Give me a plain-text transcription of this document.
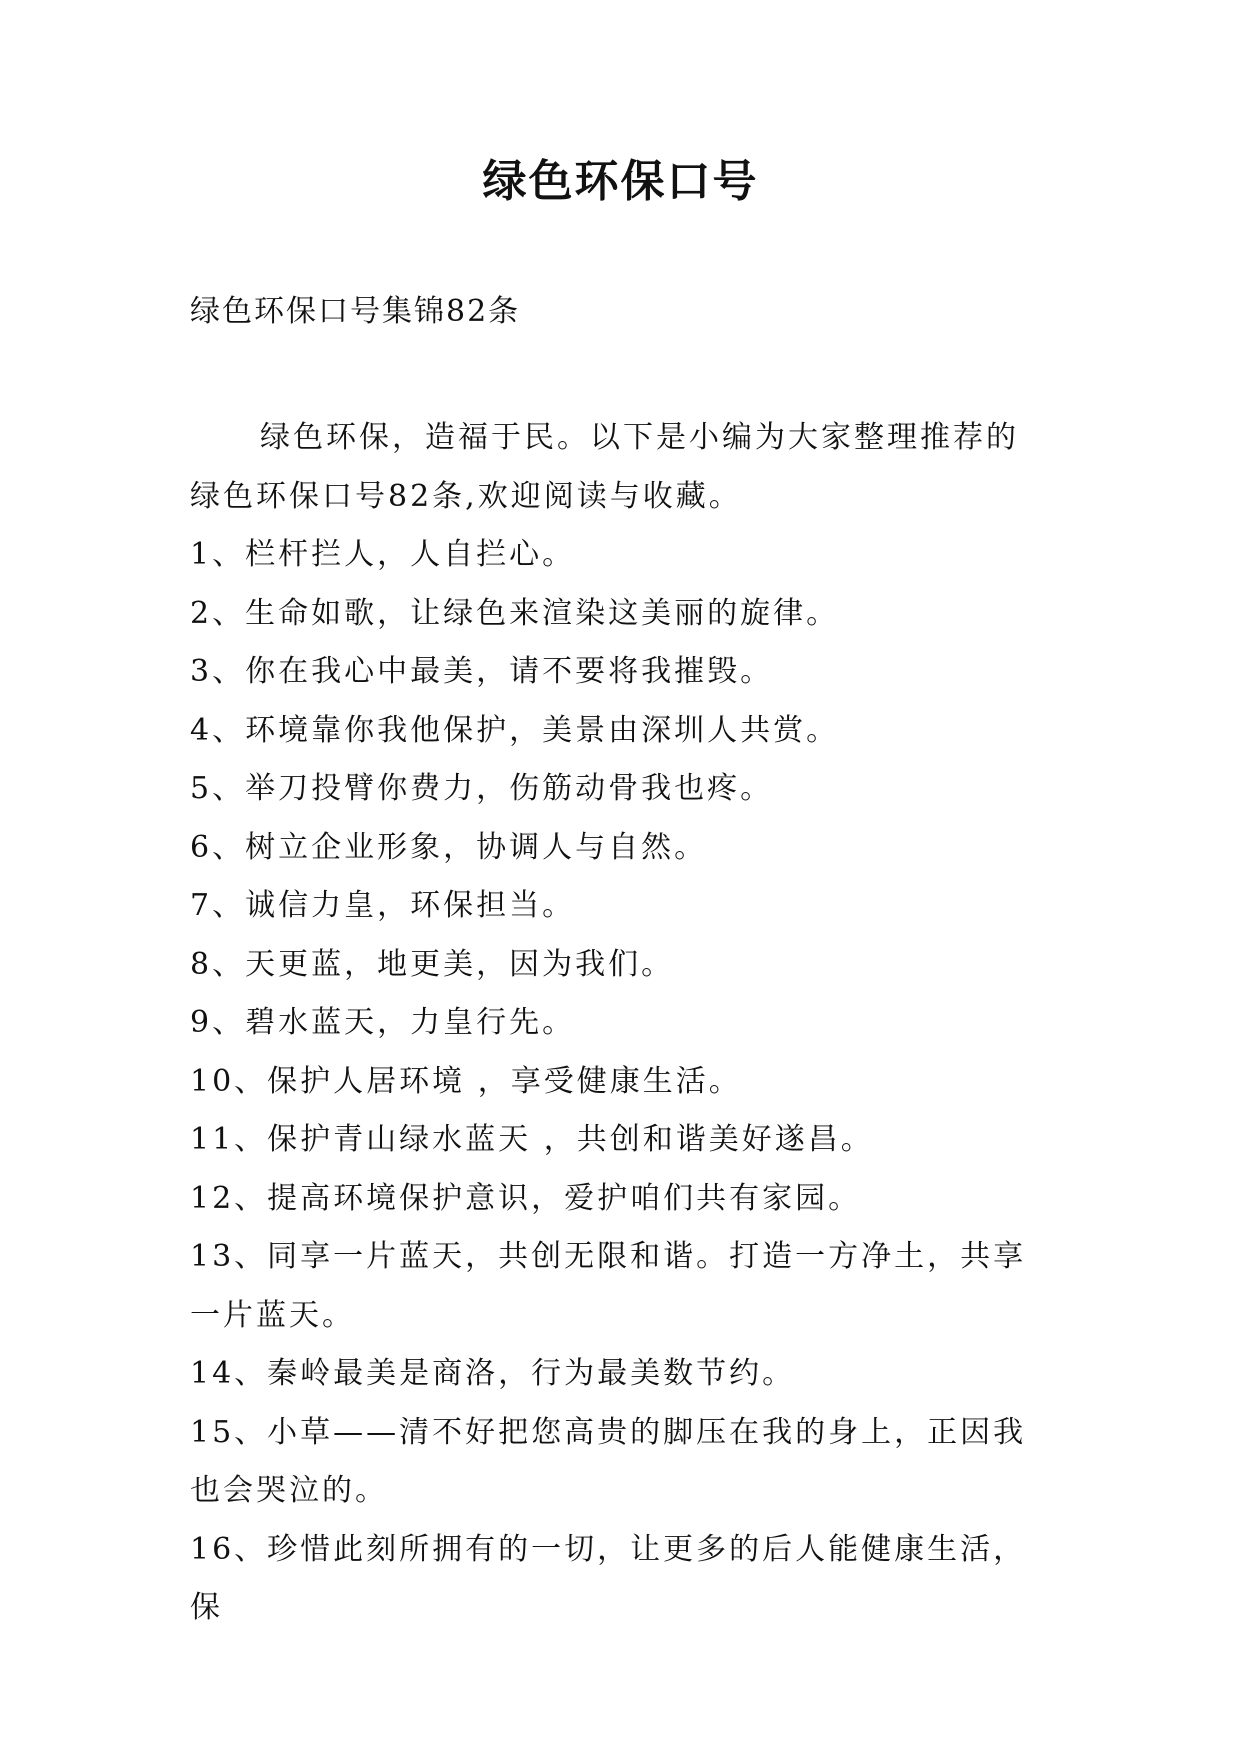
绿色环保口号

绿色环保口号集锦82条

绿色环保，造福于民。以下是小编为大家整理推荐的绿色环保口号82条,欢迎阅读与收藏。

1、栏杆拦人，人自拦心。

2、生命如歌，让绿色来渲染这美丽的旋律。

3、你在我心中最美，请不要将我摧毁。

4、环境靠你我他保护，美景由深圳人共赏。

5、举刀投臂你费力，伤筋动骨我也疼。

6、树立企业形象，协调人与自然。

7、诚信力皇，环保担当。

8、天更蓝，地更美，因为我们。

9、碧水蓝天，力皇行先。

10、保护人居环境 ，享受健康生活。

11、保护青山绿水蓝天 ，共创和谐美好遂昌。

12、提高环境保护意识，爱护咱们共有家园。

13、同享一片蓝天，共创无限和谐。打造一方净土，共享一片蓝天。

14、秦岭最美是商洛，行为最美数节约。

15、小草——清不好把您高贵的脚压在我的身上，正因我也会哭泣的。

16、珍惜此刻所拥有的一切，让更多的后人能健康生活，保
